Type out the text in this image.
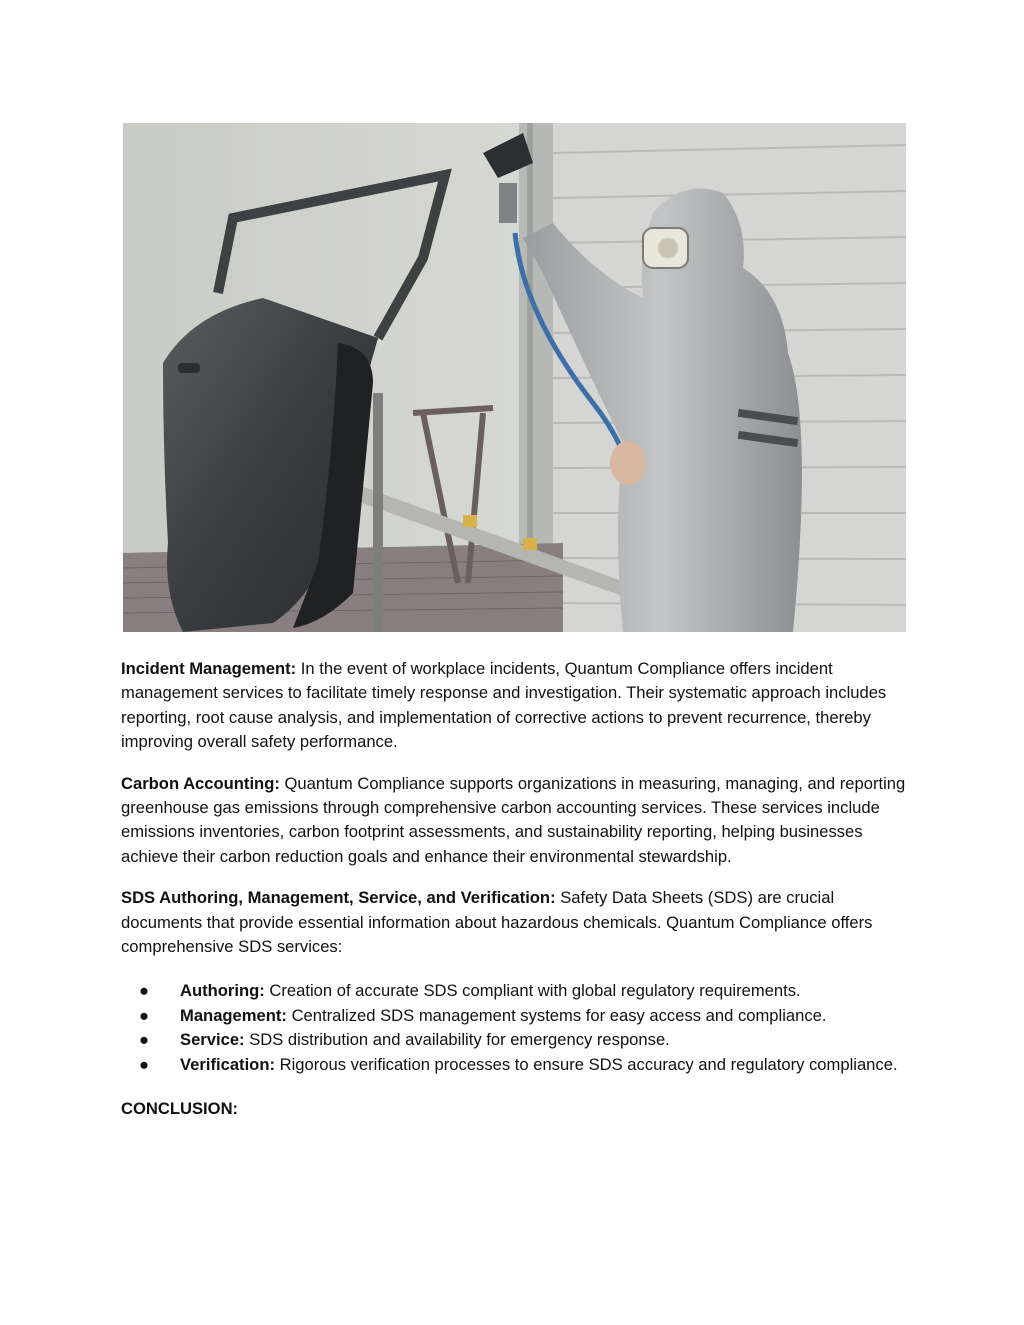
Incident Management: In the event of workplace incidents, Quantum Compliance offers incident management services to facilitate timely response and investigation. Their systematic approach includes reporting, root cause analysis, and implementation of corrective actions to prevent recurrence, thereby improving overall safety performance.

Carbon Accounting: Quantum Compliance supports organizations in measuring, managing, and reporting greenhouse gas emissions through comprehensive carbon accounting services. These services include emissions inventories, carbon footprint assessments, and sustainability reporting, helping businesses achieve their carbon reduction goals and enhance their environmental stewardship.

SDS Authoring, Management, Service, and Verification: Safety Data Sheets (SDS) are crucial documents that provide essential information about hazardous chemicals. Quantum Compliance offers comprehensive SDS services:

● Authoring: Creation of accurate SDS compliant with global regulatory requirements.
● Management: Centralized SDS management systems for easy access and compliance.
● Service: SDS distribution and availability for emergency response.
● Verification: Rigorous verification processes to ensure SDS accuracy and regulatory compliance.

CONCLUSION:
